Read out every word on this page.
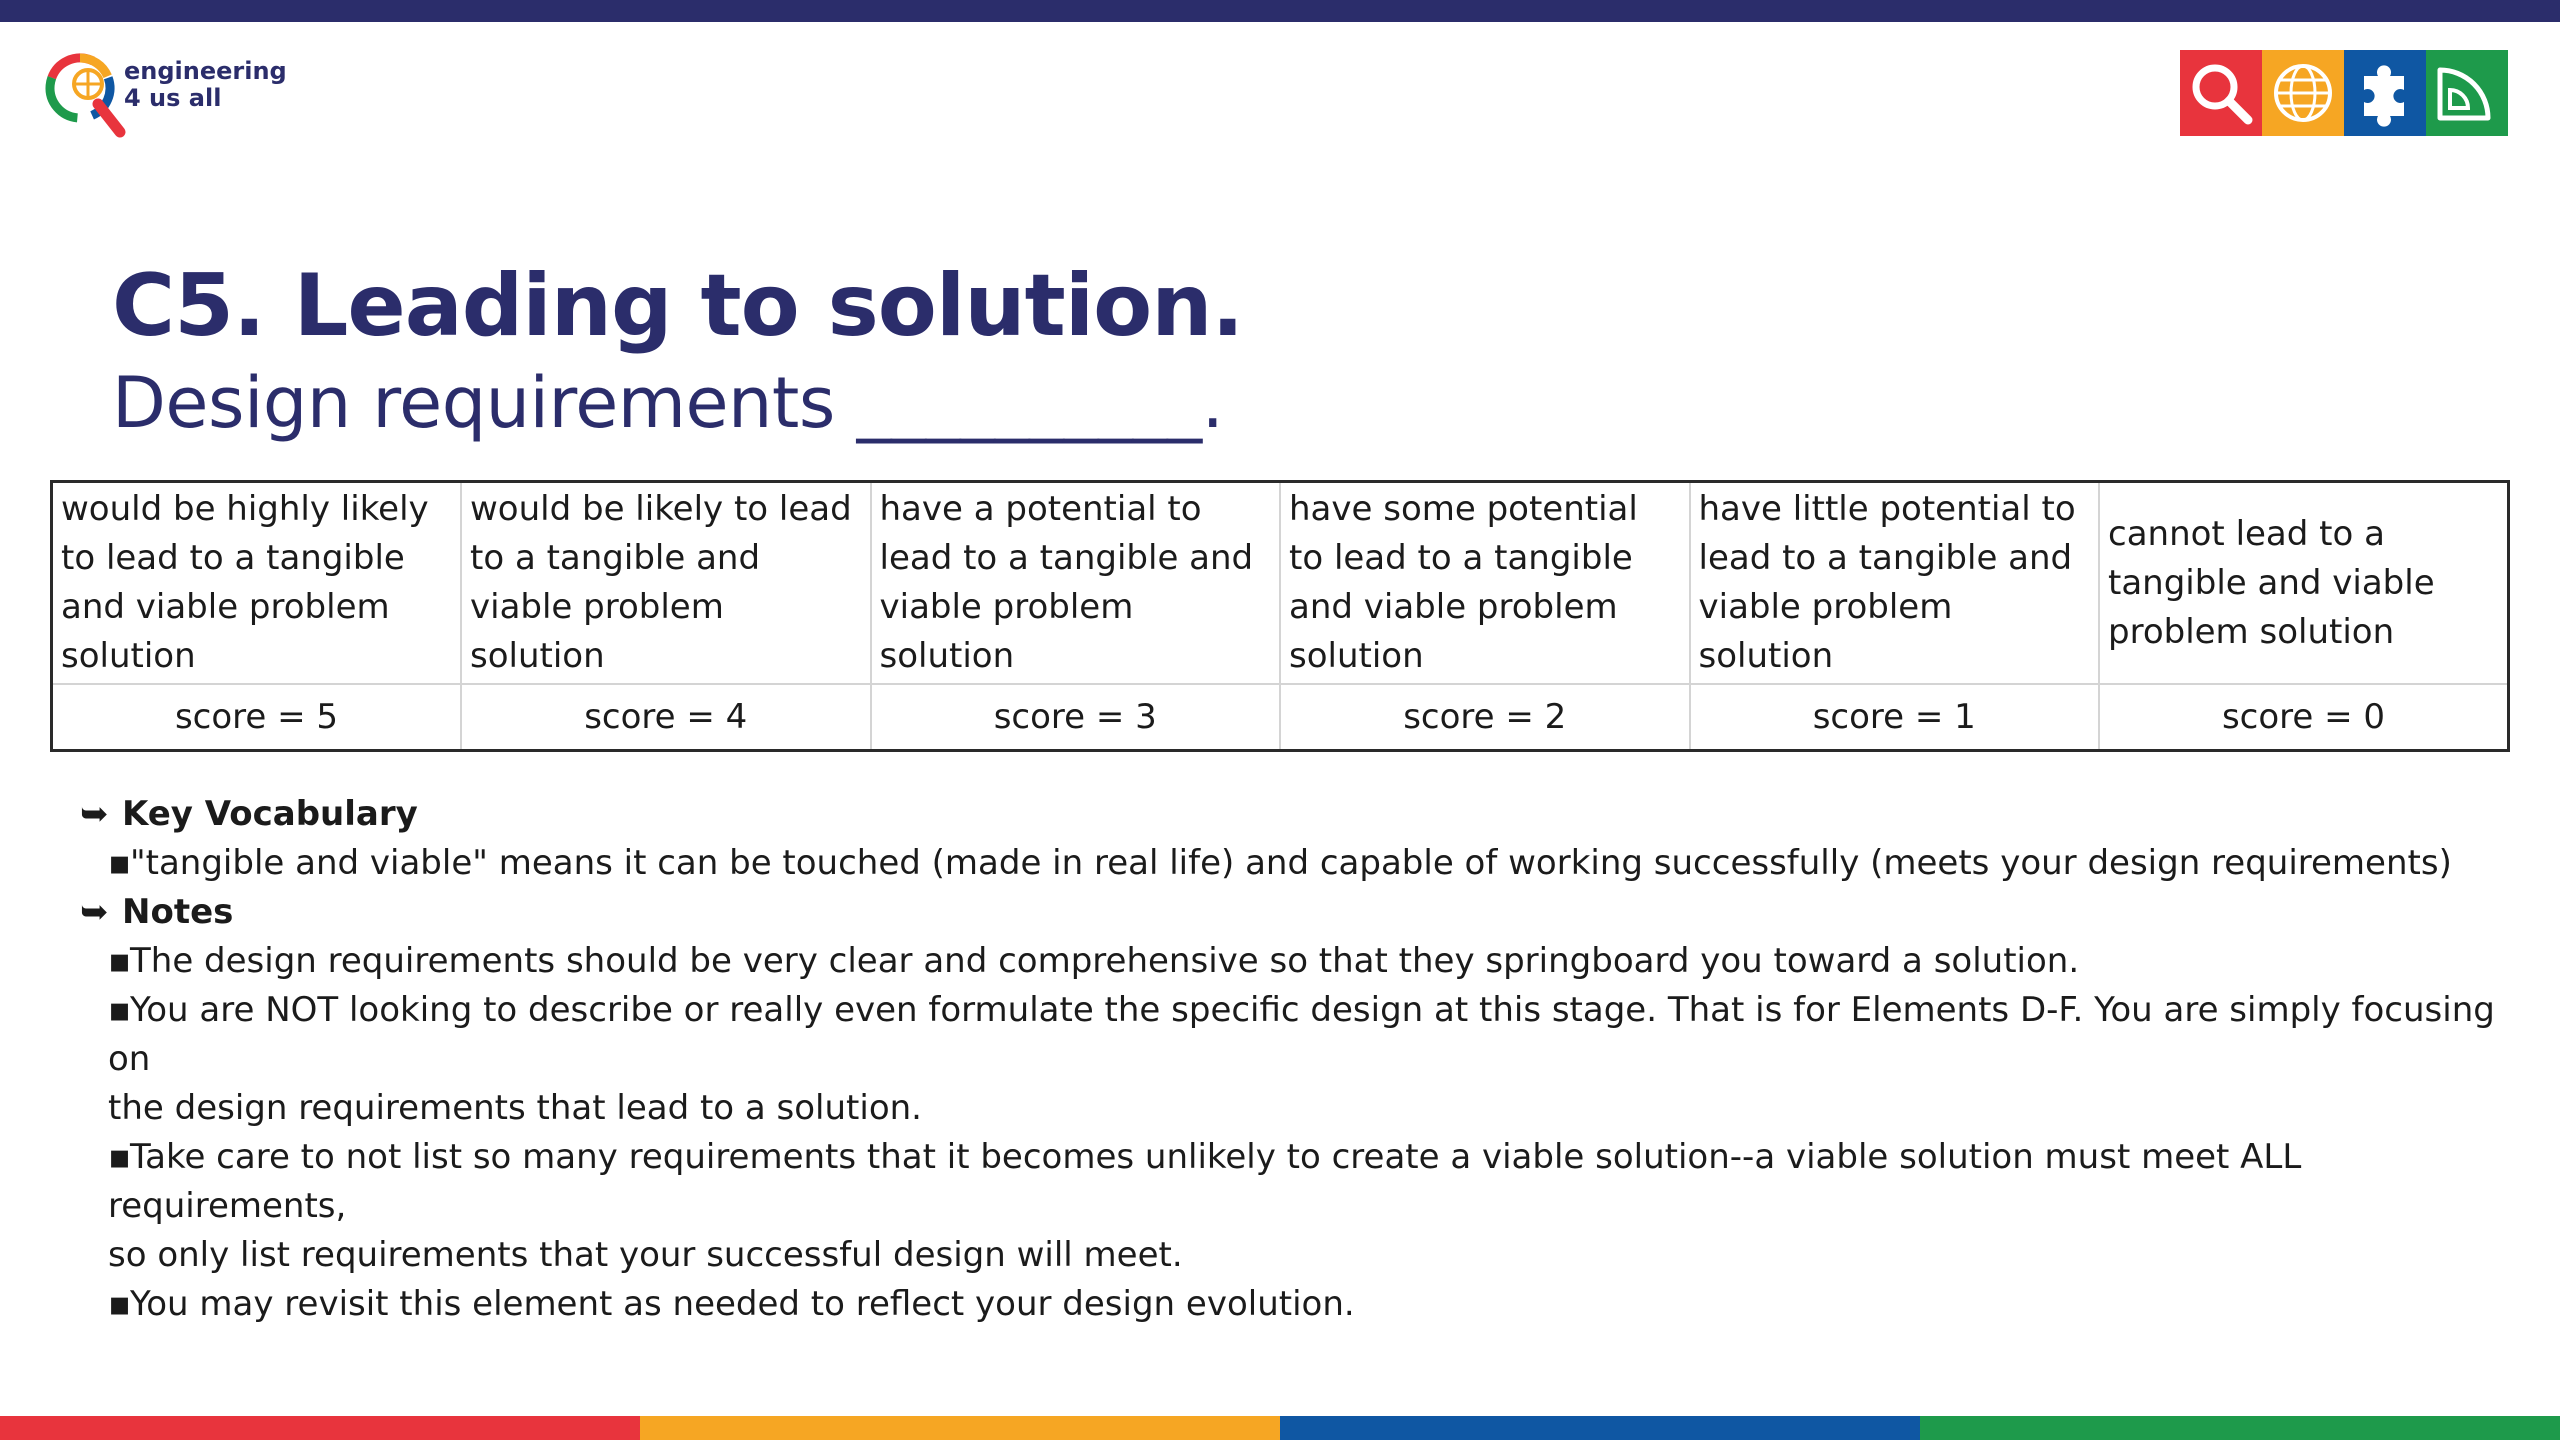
engineering
4 us all
C5. Leading to solution.
Design requirements __________.
would be highly likely to lead to a tangible and viable problem solution	would be likely to lead to a tangible and viable problem solution	have a potential to lead to a tangible and viable problem solution	have some potential to lead to a tangible and viable problem solution	have little potential to lead to a tangible and viable problem solution	cannot lead to a tangible and viable problem solution
score = 5	score = 4	score = 3	score = 2	score = 1	score = 0
➥ Key Vocabulary
▪"tangible and viable" means it can be touched (made in real life) and capable of working successfully (meets your design requirements)
➥ Notes
▪The design requirements should be very clear and comprehensive so that they springboard you toward a solution.
▪You are NOT looking to describe or really even formulate the specific design at this stage. That is for Elements D-F. You are simply focusing on
the design requirements that lead to a solution.
▪Take care to not list so many requirements that it becomes unlikely to create a viable solution--a viable solution must meet ALL requirements,
so only list requirements that your successful design will meet.
▪You may revisit this element as needed to reflect your design evolution.
